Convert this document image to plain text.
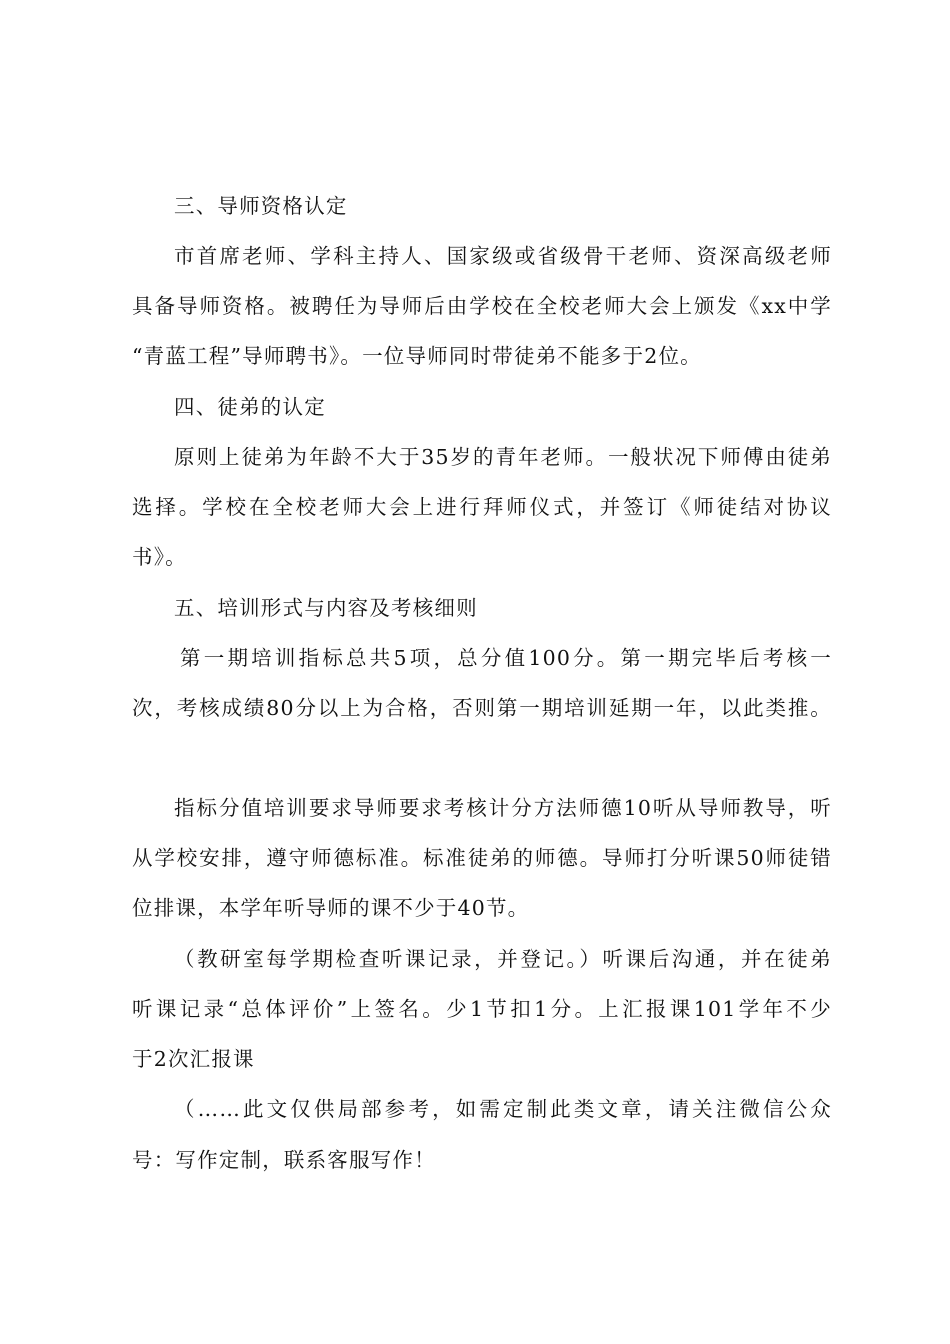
三、导师资格认定
市首席老师、学科主持人、国家级或省级骨干老师、资深高级老师
具备导师资格。被聘任为导师后由学校在全校老师大会上颁发《xx中学
“青蓝工程”导师聘书》。一位导师同时带徒弟不能多于2位。
四、徒弟的认定
原则上徒弟为年龄不大于35岁的青年老师。一般状况下师傅由徒弟
选择。学校在全校老师大会上进行拜师仪式，并签订《师徒结对协议
书》。
五、培训形式与内容及考核细则
第一期培训指标总共5项，总分值100分。第一期完毕后考核一
次，考核成绩80分以上为合格，否则第一期培训延期一年，以此类推。
指标分值培训要求导师要求考核计分方法师德10听从导师教导，听
从学校安排，遵守师德标准。标准徒弟的师德。导师打分听课50师徒错
位排课，本学年听导师的课不少于40节。
（教研室每学期检查听课记录，并登记。）听课后沟通，并在徒弟
听课记录“总体评价”上签名。少1节扣1分。上汇报课101学年不少
于2次汇报课
（……此文仅供局部参考，如需定制此类文章，请关注微信公众
号：写作定制，联系客服写作！
